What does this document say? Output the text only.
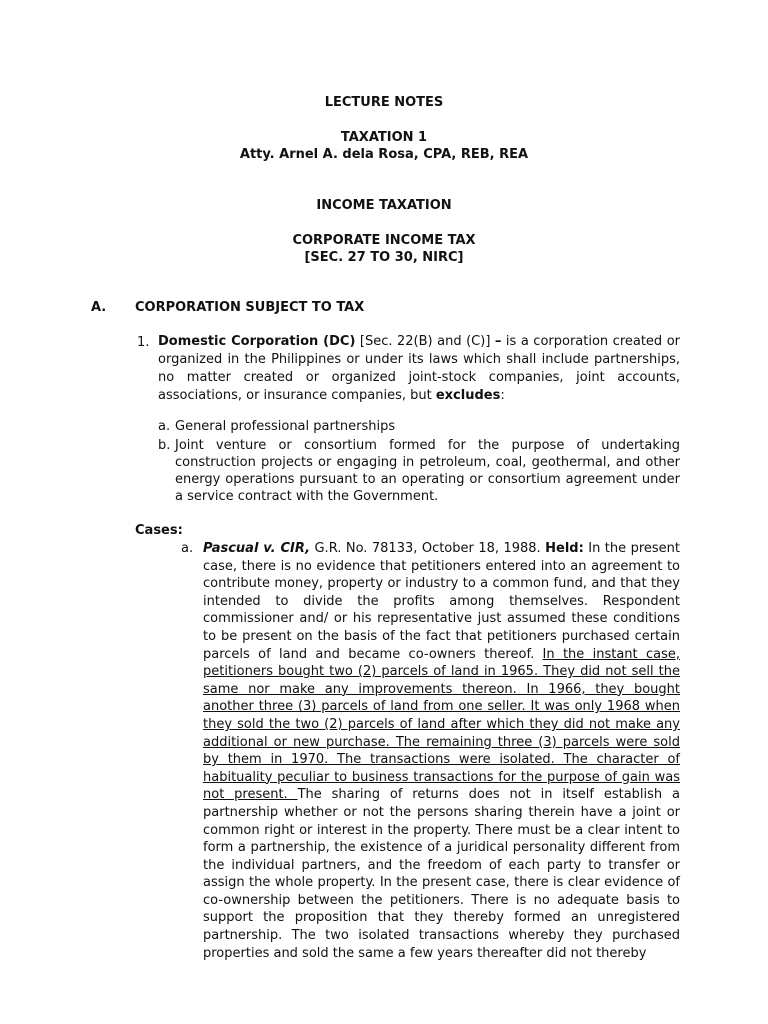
LECTURE NOTES
TAXATION 1
Atty. Arnel A. dela Rosa, CPA, REB, REA
INCOME TAXATION
CORPORATE INCOME TAX
[SEC. 27 TO 30, NIRC]
A. CORPORATION SUBJECT TO TAX
1. Domestic Corporation (DC) [Sec. 22(B) and (C)] – is a corporation created or organized in the Philippines or under its laws which shall include partnerships, no matter created or organized joint-stock companies, joint accounts, associations, or insurance companies, but excludes:
a. General professional partnerships
b. Joint venture or consortium formed for the purpose of undertaking construction projects or engaging in petroleum, coal, geothermal, and other energy operations pursuant to an operating or consortium agreement under a service contract with the Government.
Cases:
a. Pascual v. CIR, G.R. No. 78133, October 18, 1988. Held: In the present case, there is no evidence that petitioners entered into an agreement to contribute money, property or industry to a common fund, and that they intended to divide the profits among themselves. Respondent commissioner and/ or his representative just assumed these conditions to be present on the basis of the fact that petitioners purchased certain parcels of land and became co-owners thereof. In the instant case, petitioners bought two (2) parcels of land in 1965. They did not sell the same nor make any improvements thereon. In 1966, they bought another three (3) parcels of land from one seller. It was only 1968 when they sold the two (2) parcels of land after which they did not make any additional or new purchase. The remaining three (3) parcels were sold by them in 1970. The transactions were isolated. The character of habituality peculiar to business transactions for the purpose of gain was not present. The sharing of returns does not in itself establish a partnership whether or not the persons sharing therein have a joint or common right or interest in the property. There must be a clear intent to form a partnership, the existence of a juridical personality different from the individual partners, and the freedom of each party to transfer or assign the whole property. In the present case, there is clear evidence of co-ownership between the petitioners. There is no adequate basis to support the proposition that they thereby formed an unregistered partnership. The two isolated transactions whereby they purchased properties and sold the same a few years thereafter did not thereby
